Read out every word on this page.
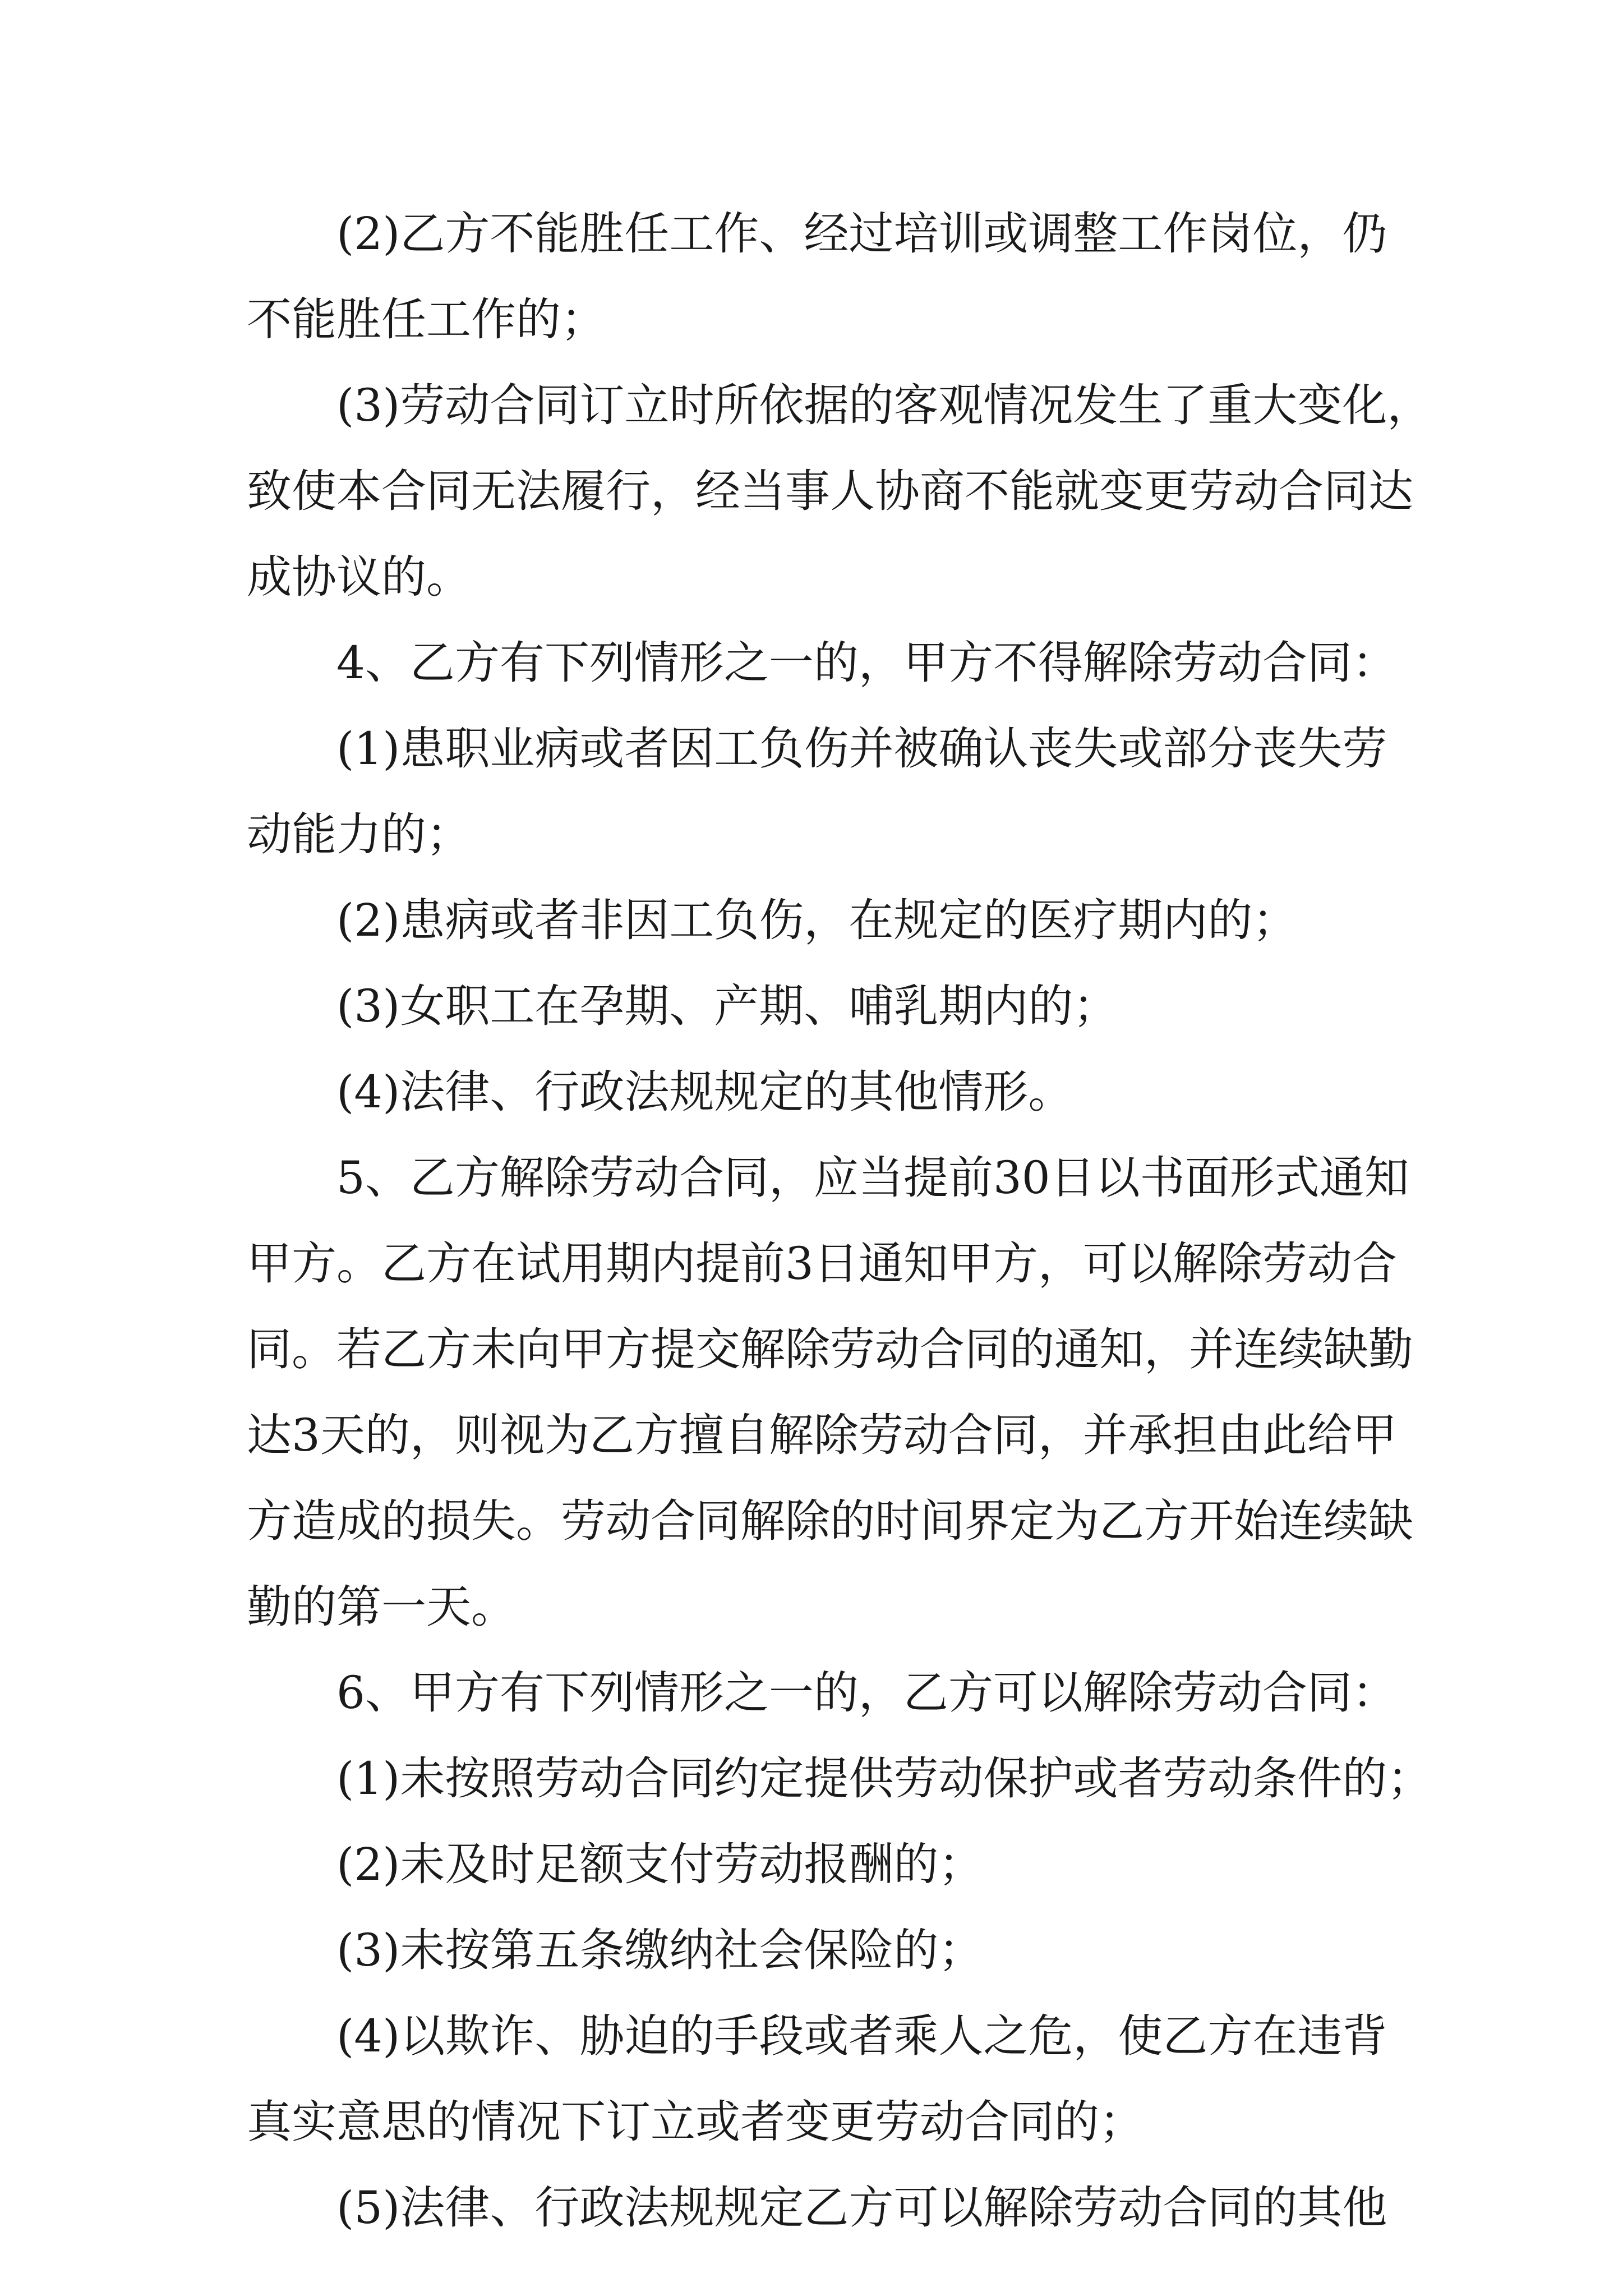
(2)乙方不能胜任工作、经过培训或调整工作岗位，仍
不能胜任工作的；
(3)劳动合同订立时所依据的客观情况发生了重大变化，
致使本合同无法履行，经当事人协商不能就变更劳动合同达
成协议的。
4、乙方有下列情形之一的，甲方不得解除劳动合同：
(1)患职业病或者因工负伤并被确认丧失或部分丧失劳
动能力的；
(2)患病或者非因工负伤，在规定的医疗期内的；
(3)女职工在孕期、产期、哺乳期内的；
(4)法律、行政法规规定的其他情形。
5、乙方解除劳动合同，应当提前30日以书面形式通知
甲方。乙方在试用期内提前3日通知甲方，可以解除劳动合
同。若乙方未向甲方提交解除劳动合同的通知，并连续缺勤
达3天的，则视为乙方擅自解除劳动合同，并承担由此给甲
方造成的损失。劳动合同解除的时间界定为乙方开始连续缺
勤的第一天。
6、甲方有下列情形之一的，乙方可以解除劳动合同：
(1)未按照劳动合同约定提供劳动保护或者劳动条件的；
(2)未及时足额支付劳动报酬的；
(3)未按第五条缴纳社会保险的；
(4)以欺诈、胁迫的手段或者乘人之危，使乙方在违背
真实意思的情况下订立或者变更劳动合同的；
(5)法律、行政法规规定乙方可以解除劳动合同的其他
